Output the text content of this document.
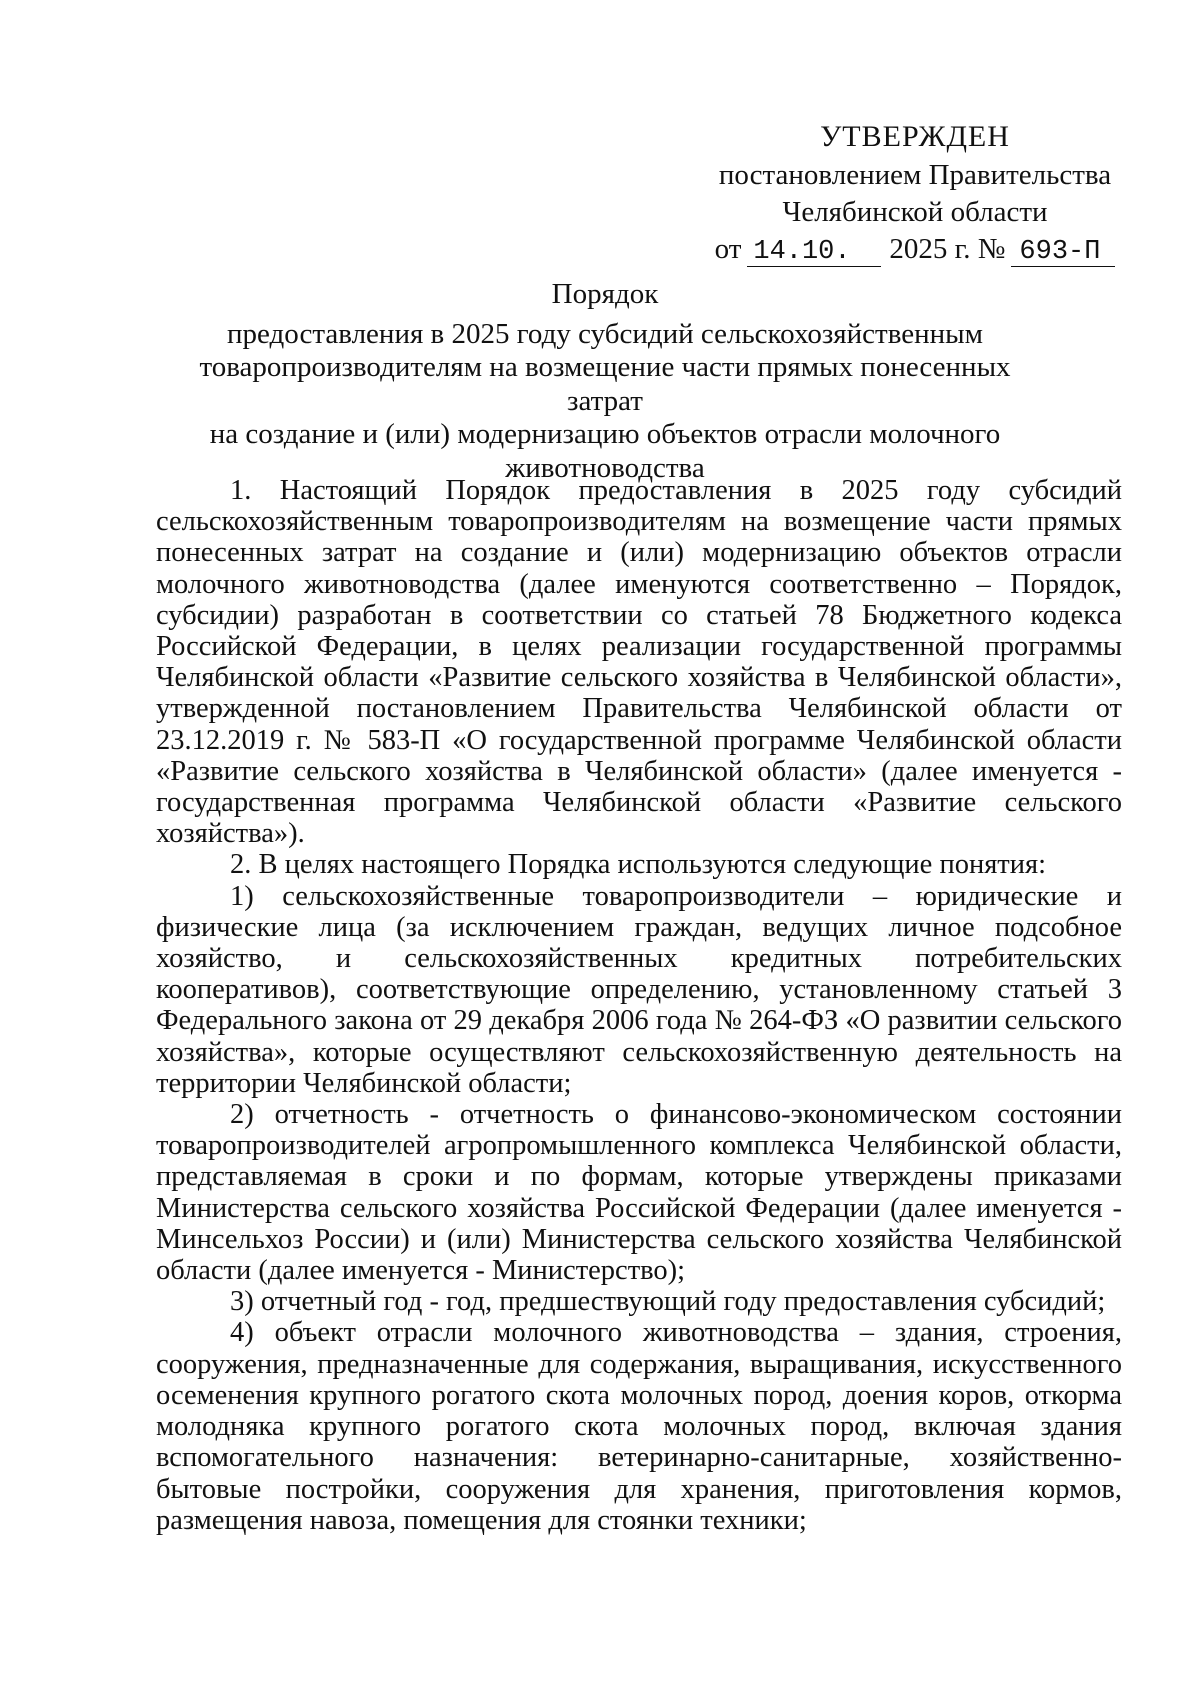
УТВЕРЖДЕН
постановлением Правительства
Челябинской области
от 14.10.	2025 г. № 693-П
Порядок
предоставления в 2025 году субсидий сельскохозяйственным
товаропроизводителям на возмещение части прямых понесенных затрат
на создание и (или) модернизацию объектов отрасли молочного
животноводства

1. Настоящий Порядок предоставления в 2025 году субсидий сельскохозяйственным товаропроизводителям на возмещение части прямых понесенных затрат на создание и (или) модернизацию объектов отрасли молочного животноводства (далее именуются соответственно – Порядок, субсидии) разработан в соответствии со статьей 78 Бюджетного кодекса Российской Федерации, в целях реализации государственной программы Челябинской области «Развитие сельского хозяйства в Челябинской области», утвержденной постановлением Правительства Челябинской области от 23.12.2019 г. № 583-П «О государственной программе Челябинской области «Развитие сельского хозяйства в Челябинской области» (далее именуется - государственная программа Челябинской области «Развитие сельского хозяйства»).

2. В целях настоящего Порядка используются следующие понятия:

1) сельскохозяйственные товаропроизводители – юридические и физические лица (за исключением граждан, ведущих личное подсобное хозяйство, и сельскохозяйственных кредитных потребительских кооперативов), соответствующие определению, установленному статьей 3 Федерального закона от 29 декабря 2006 года № 264-ФЗ «О развитии сельского хозяйства», которые осуществляют сельскохозяйственную деятельность на территории Челябинской области;

2) отчетность - отчетность о финансово-экономическом состоянии товаропроизводителей агропромышленного комплекса Челябинской области, представляемая в сроки и по формам, которые утверждены приказами Министерства сельского хозяйства Российской Федерации (далее именуется - Минсельхоз России) и (или) Министерства сельского хозяйства Челябинской области (далее именуется - Министерство);

3) отчетный год - год, предшествующий году предоставления субсидий;

4) объект отрасли молочного животноводства – здания, строения, сооружения, предназначенные для содержания, выращивания, искусственного осеменения крупного рогатого скота молочных пород, доения коров, откорма молодняка крупного рогатого скота молочных пород, включая здания вспомогательного назначения: ветеринарно-санитарные, хозяйственно-бытовые постройки, сооружения для хранения, приготовления кормов, размещения навоза, помещения для стоянки техники;
